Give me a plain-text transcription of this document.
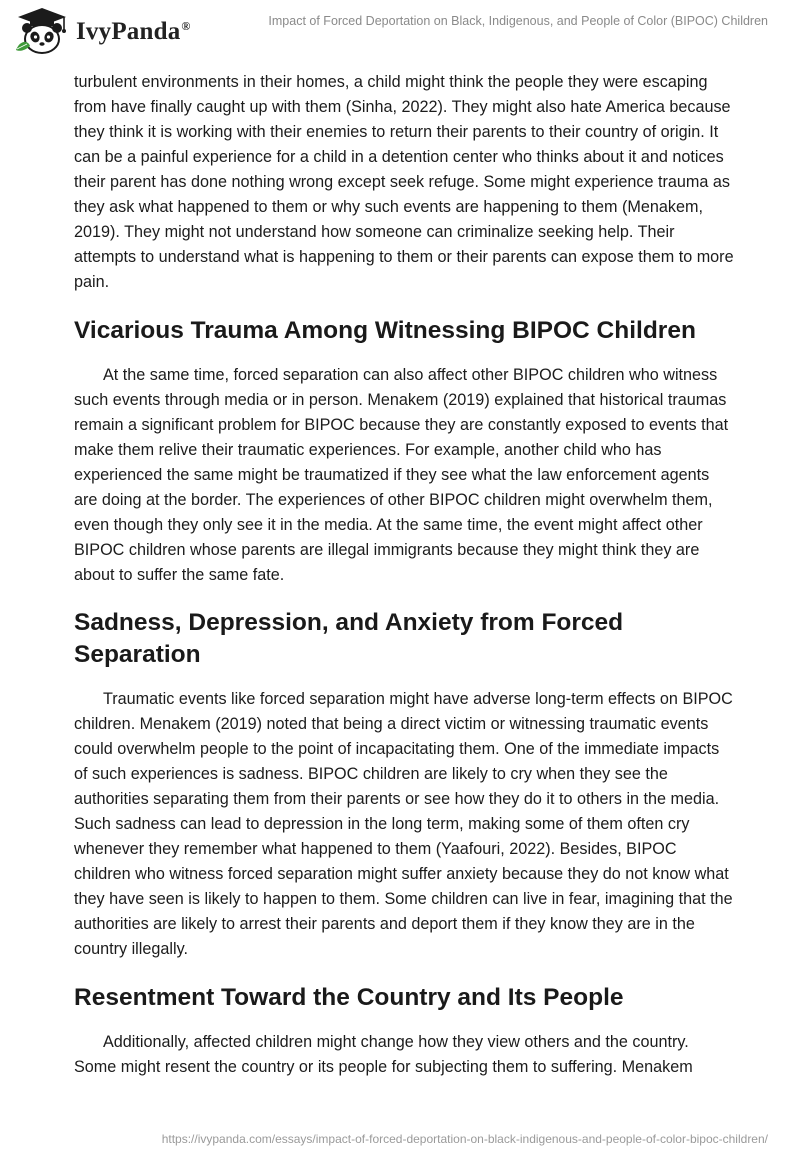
IvyPanda®	Impact of Forced Deportation on Black, Indigenous, and People of Color (BIPOC) Children

turbulent environments in their homes, a child might think the people they were escaping from have finally caught up with them (Sinha, 2022). They might also hate America because they think it is working with their enemies to return their parents to their country of origin. It can be a painful experience for a child in a detention center who thinks about it and notices their parent has done nothing wrong except seek refuge. Some might experience trauma as they ask what happened to them or why such events are happening to them (Menakem, 2019). They might not understand how someone can criminalize seeking help. Their attempts to understand what is happening to them or their parents can expose them to more pain.

Vicarious Trauma Among Witnessing BIPOC Children

At the same time, forced separation can also affect other BIPOC children who witness such events through media or in person. Menakem (2019) explained that historical traumas remain a significant problem for BIPOC because they are constantly exposed to events that make them relive their traumatic experiences. For example, another child who has experienced the same might be traumatized if they see what the law enforcement agents are doing at the border. The experiences of other BIPOC children might overwhelm them, even though they only see it in the media. At the same time, the event might affect other BIPOC children whose parents are illegal immigrants because they might think they are about to suffer the same fate.

Sadness, Depression, and Anxiety from Forced Separation

Traumatic events like forced separation might have adverse long-term effects on BIPOC children. Menakem (2019) noted that being a direct victim or witnessing traumatic events could overwhelm people to the point of incapacitating them. One of the immediate impacts of such experiences is sadness. BIPOC children are likely to cry when they see the authorities separating them from their parents or see how they do it to others in the media. Such sadness can lead to depression in the long term, making some of them often cry whenever they remember what happened to them (Yaafouri, 2022). Besides, BIPOC children who witness forced separation might suffer anxiety because they do not know what they have seen is likely to happen to them. Some children can live in fear, imagining that the authorities are likely to arrest their parents and deport them if they know they are in the country illegally.

Resentment Toward the Country and Its People

Additionally, affected children might change how they view others and the country. Some might resent the country or its people for subjecting them to suffering. Menakem

https://ivypanda.com/essays/impact-of-forced-deportation-on-black-indigenous-and-people-of-color-bipoc-children/
